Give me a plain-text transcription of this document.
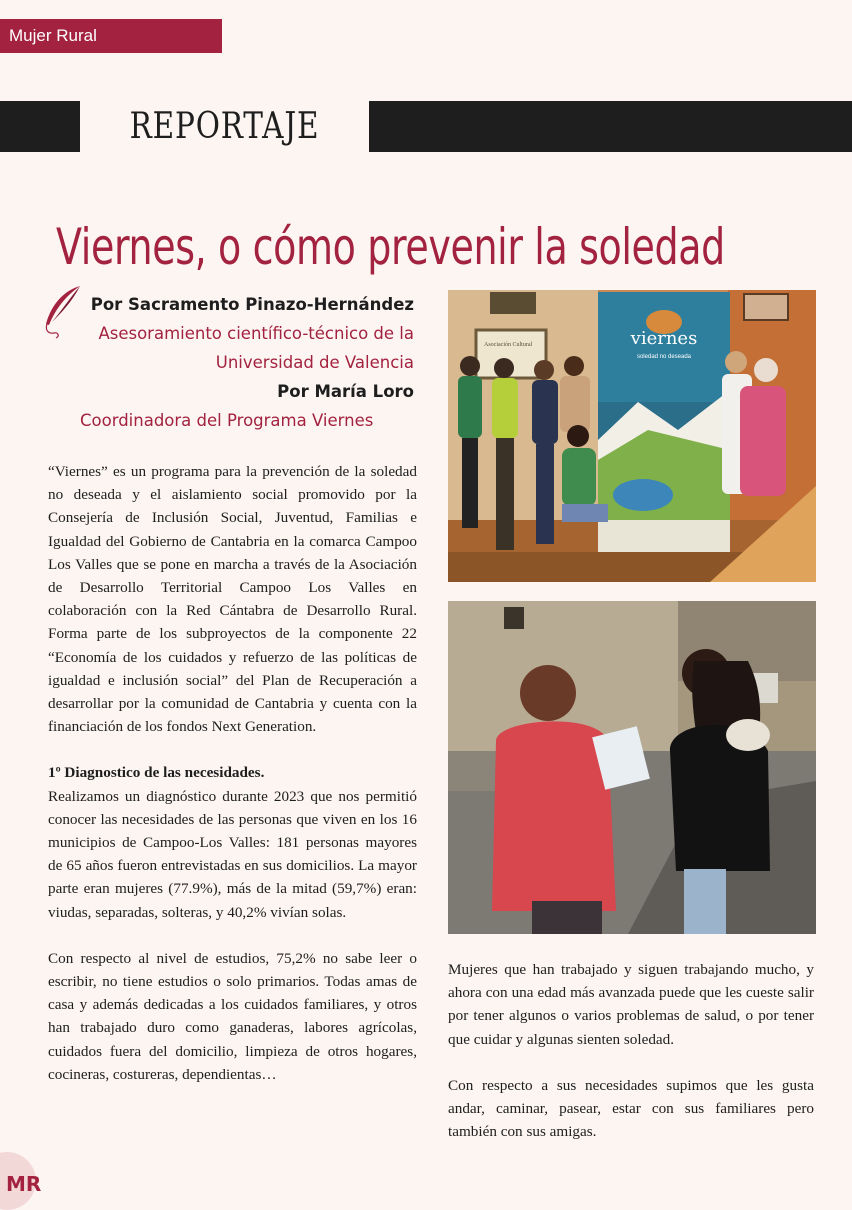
Mujer Rural
REPORTAJE
Viernes, o cómo prevenir la soledad
Por Sacramento Pinazo-Hernández
Asesoramiento científico-técnico de la Universidad de Valencia
Por María Loro
Coordinadora del Programa Viernes

“Viernes” es un programa para la prevención de la soledad no deseada y el aislamiento social promovido por la Consejería de Inclusión Social, Juventud, Familias e Igualdad del Gobierno de Cantabria en la comarca Campoo Los Valles que se pone en marcha a través de la Asociación de Desarrollo Territorial Campoo Los Valles en colaboración con la Red Cántabra de Desarrollo Rural. Forma parte de los subproyectos de la componente 22 “Economía de los cuidados y refuerzo de las políticas de igualdad e inclusión social” del Plan de Recuperación a desarrollar por la comunidad de Cantabria y cuenta con la financiación de los fondos Next Generation.

1º Diagnostico de las necesidades.
Realizamos un diagnóstico durante 2023 que nos permitió conocer las necesidades de las personas que viven en los 16 municipios de Campoo-Los Valles: 181 personas mayores de 65 años fueron entrevistadas en sus domicilios. La mayor parte eran mujeres (77.9%), más de la mitad (59,7%) eran: viudas, separadas, solteras, y 40,2% vivían solas.

Con respecto al nivel de estudios, 75,2% no sabe leer o escribir, no tiene estudios o solo primarios. Todas amas de casa y además dedicadas a los cuidados familiares, y otros han trabajado duro como ganaderas, labores agrícolas, cuidados fuera del domicilio, limpieza de otros hogares, cocineras, costureras, dependientas…

Asociación Cultural	viernes
soledad no deseada

Mujeres que han trabajado y siguen trabajando mucho, y ahora con una edad más avanzada puede que les cueste salir por tener algunos o varios problemas de salud, o por tener que cuidar y algunas sienten soledad.

Con respecto a sus necesidades supimos que les gusta andar, caminar, pasear, estar con sus familiares pero también con sus amigas.

MR
